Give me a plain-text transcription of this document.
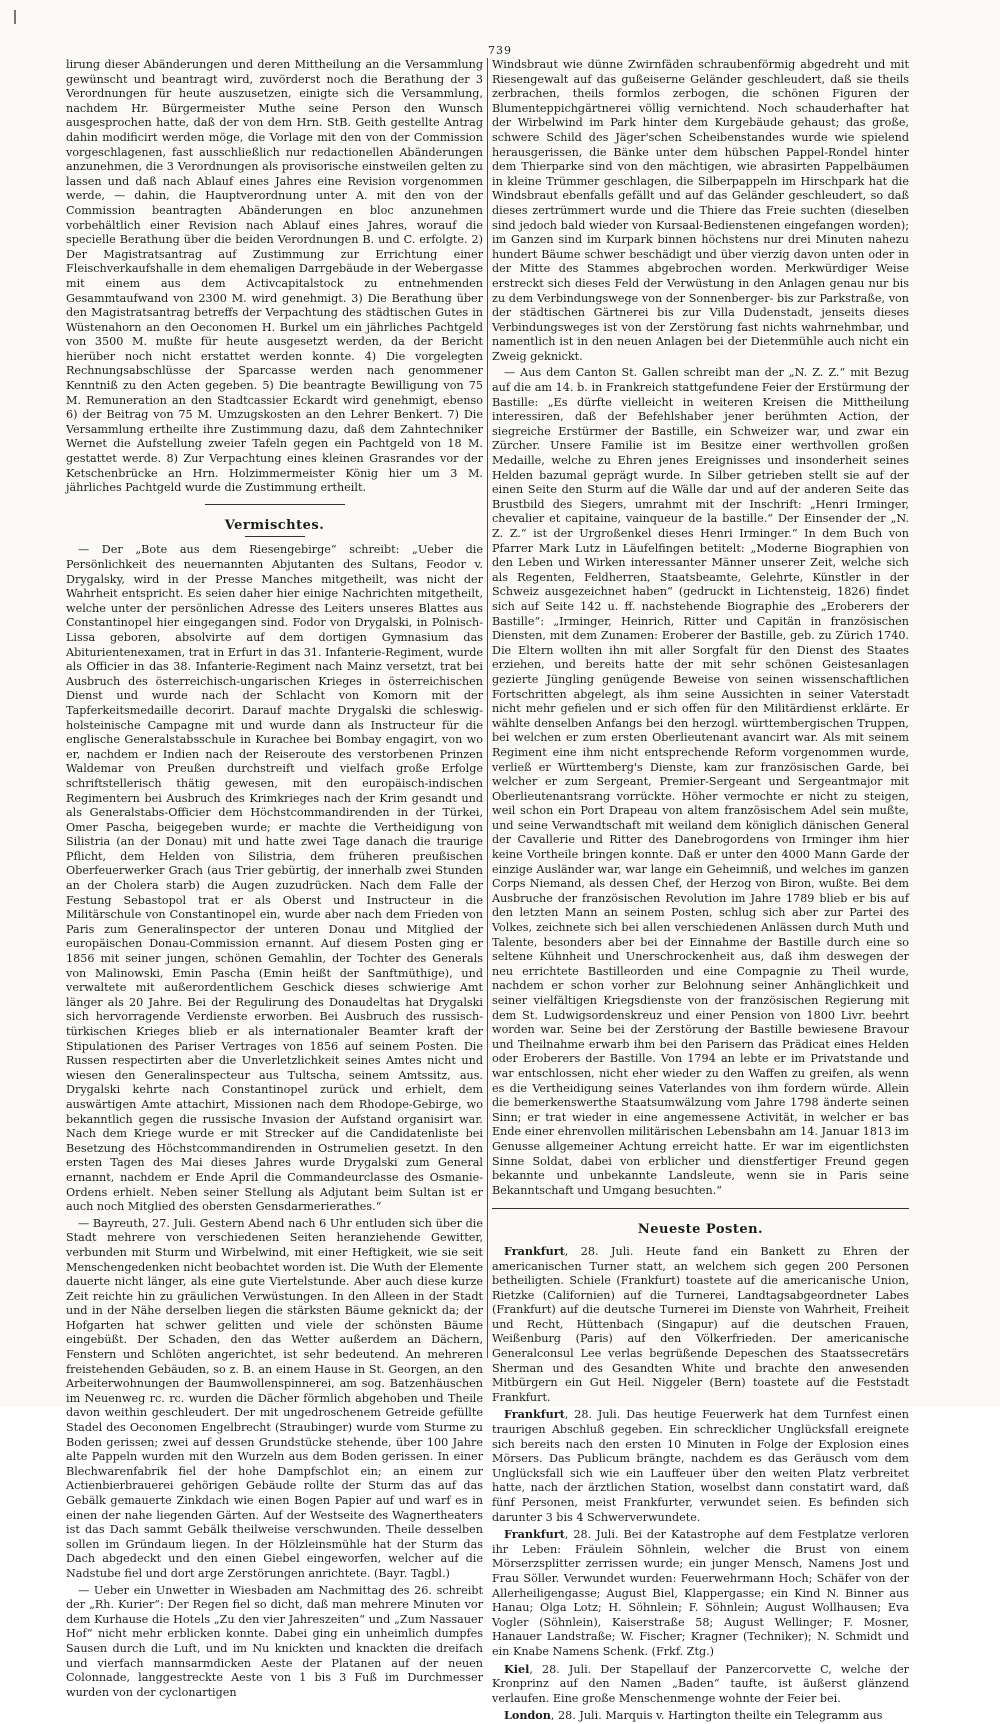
739

lirung dieser Abänderungen und deren Mittheilung an die Versammlung gewünscht und beantragt wird, zuvörderst noch die Berathung der 3 Verordnungen für heute auszusetzen, einigte sich die Versammlung, nachdem Hr. Bürgermeister Muthe seine Person den Wunsch ausgesprochen hatte, daß der von dem Hrn. StB. Geith gestellte Antrag dahin modificirt werden möge, die Vorlage mit den von der Commission vorgeschlagenen, fast ausschließlich nur redactionellen Abänderungen anzunehmen, die 3 Verordnungen als provisorische einstweilen gelten zu lassen und daß nach Ablauf eines Jahres eine Revision vorgenommen werde, — dahin, die Hauptverordnung unter A. mit den von der Commission beantragten Abänderungen en bloc anzunehmen vorbehältlich einer Revision nach Ablauf eines Jahres, worauf die specielle Berathung über die beiden Verordnungen B. und C. erfolgte. 2) Der Magistratsantrag auf Zustimmung zur Errichtung einer Fleischverkaufshalle in dem ehemaligen Darrgebäude in der Webergasse mit einem aus dem Activcapitalstock zu entnehmenden Gesammtaufwand von 2300 M. wird genehmigt. 3) Die Berathung über den Magistratsantrag betreffs der Verpachtung des städtischen Gutes in Wüstenahorn an den Oeconomen H. Burkel um ein jährliches Pachtgeld von 3500 M. mußte für heute ausgesetzt werden, da der Bericht hierüber noch nicht erstattet werden konnte. 4) Die vorgelegten Rechnungsabschlüsse der Sparcasse werden nach genommener Kenntniß zu den Acten gegeben. 5) Die beantragte Bewilligung von 75 M. Remuneration an den Stadtcassier Eckardt wird genehmigt, ebenso 6) der Beitrag von 75 M. Umzugskosten an den Lehrer Benkert. 7) Die Versammlung ertheilte ihre Zustimmung dazu, daß dem Zahntechniker Wernet die Aufstellung zweier Tafeln gegen ein Pachtgeld von 18 M. gestattet werde. 8) Zur Verpachtung eines kleinen Grasrandes vor der Ketschenbrücke an Hrn. Holzimmermeister König hier um 3 M. jährliches Pachtgeld wurde die Zustimmung ertheilt.

Vermischtes.

— Der „Bote aus dem Riesengebirge“ schreibt: „Ueber die Persönlichkeit des neuernannten Abjutanten des Sultans, Feodor v. Drygalsky, wird in der Presse Manches mitgetheilt, was nicht der Wahrheit entspricht. Es seien daher hier einige Nachrichten mitgetheilt, welche unter der persönlichen Adresse des Leiters unseres Blattes aus Constantinopel hier eingegangen sind. Fodor von Drygalski, in Polnisch-Lissa geboren, absolvirte auf dem dortigen Gymnasium das Abiturientenexamen, trat in Erfurt in das 31. Infanterie-Regiment, wurde als Officier in das 38. Infanterie-Regiment nach Mainz versetzt, trat bei Ausbruch des österreichisch-ungarischen Krieges in österreichischen Dienst und wurde nach der Schlacht von Komorn mit der Tapferkeitsmedaille decorirt. Darauf machte Drygalski die schleswig-holsteinische Campagne mit und wurde dann als Instructeur für die englische Generalstabsschule in Kurachee bei Bombay engagirt, von wo er, nachdem er Indien nach der Reiseroute des verstorbenen Prinzen Waldemar von Preußen durchstreift und vielfach große Erfolge schriftstellerisch thätig gewesen, mit den europäisch-indischen Regimentern bei Ausbruch des Krimkrieges nach der Krim gesandt und als Generalstabs-Officier dem Höchstcommandirenden in der Türkei, Omer Pascha, beigegeben wurde; er machte die Vertheidigung von Silistria (an der Donau) mit und hatte zwei Tage danach die traurige Pflicht, dem Helden von Silistria, dem früheren preußischen Oberfeuerwerker Grach (aus Trier gebürtig, der innerhalb zwei Stunden an der Cholera starb) die Augen zuzudrücken. Nach dem Falle der Festung Sebastopol trat er als Oberst und Instructeur in die Militärschule von Constantinopel ein, wurde aber nach dem Frieden von Paris zum Generalinspector der unteren Donau und Mitglied der europäischen Donau-Commission ernannt. Auf diesem Posten ging er 1856 mit seiner jungen, schönen Gemahlin, der Tochter des Generals von Malinowski, Emin Pascha (Emin heißt der Sanftmüthige), und verwaltete mit außerordentlichem Geschick dieses schwierige Amt länger als 20 Jahre. Bei der Regulirung des Donaudeltas hat Drygalski sich hervorragende Verdienste erworben. Bei Ausbruch des russisch-türkischen Krieges blieb er als internationaler Beamter kraft der Stipulationen des Pariser Vertrages von 1856 auf seinem Posten. Die Russen respectirten aber die Unverletzlichkeit seines Amtes nicht und wiesen den Generalinspecteur aus Tultscha, seinem Amtssitz, aus. Drygalski kehrte nach Constantinopel zurück und erhielt, dem auswärtigen Amte attachirt, Missionen nach dem Rhodope-Gebirge, wo bekanntlich gegen die russische Invasion der Aufstand organisirt war. Nach dem Kriege wurde er mit Strecker auf die Candidatenliste bei Besetzung des Höchstcommandirenden in Ostrumelien gesetzt. In den ersten Tagen des Mai dieses Jahres wurde Drygalski zum General ernannt, nachdem er Ende April die Commandeurclasse des Osmanie-Ordens erhielt. Neben seiner Stellung als Adjutant beim Sultan ist er auch noch Mitglied des obersten Gensdarmerierathes.“

— Bayreuth, 27. Juli. Gestern Abend nach 6 Uhr entluden sich über die Stadt mehrere von verschiedenen Seiten heranziehende Gewitter, verbunden mit Sturm und Wirbelwind, mit einer Heftigkeit, wie sie seit Menschengedenken nicht beobachtet worden ist. Die Wuth der Elemente dauerte nicht länger, als eine gute Viertelstunde. Aber auch diese kurze Zeit reichte hin zu gräulichen Verwüstungen. In den Alleen in der Stadt und in der Nähe derselben liegen die stärksten Bäume geknickt da; der Hofgarten hat schwer gelitten und viele der schönsten Bäume eingebüßt. Der Schaden, den das Wetter außerdem an Dächern, Fenstern und Schlöten angerichtet, ist sehr bedeutend. An mehreren freistehenden Gebäuden, so z. B. an einem Hause in St. Georgen, an den Arbeiterwohnungen der Baumwollenspinnerei, am sog. Batzenhäuschen im Neuenweg rc. rc. wurden die Dächer förmlich abgehoben und Theile davon weithin geschleudert. Der mit ungedroschenem Getreide gefüllte Stadel des Oeconomen Engelbrecht (Straubinger) wurde vom Sturme zu Boden gerissen; zwei auf dessen Grundstücke stehende, über 100 Jahre alte Pappeln wurden mit den Wurzeln aus dem Boden gerissen. In einer Blechwarenfabrik fiel der hohe Dampfschlot ein; an einem zur Actienbierbrauerei gehörigen Gebäude rollte der Sturm das auf das Gebälk gemauerte Zinkdach wie einen Bogen Papier auf und warf es in einen der nahe liegenden Gärten. Auf der Westseite des Wagnertheaters ist das Dach sammt Gebälk theilweise verschwunden. Theile desselben sollen im Gründaum liegen. In der Hölzleinsmühle hat der Sturm das Dach abgedeckt und den einen Giebel eingeworfen, welcher auf die Nadstube fiel und dort arge Zerstörungen anrichtete. (Bayr. Tagbl.)

— Ueber ein Unwetter in Wiesbaden am Nachmittag des 26. schreibt der „Rh. Kurier“: Der Regen fiel so dicht, daß man mehrere Minuten vor dem Kurhause die Hotels „Zu den vier Jahreszeiten“ und „Zum Nassauer Hof“ nicht mehr erblicken konnte. Dabei ging ein unheimlich dumpfes Sausen durch die Luft, und im Nu knickten und knackten die dreifach und vierfach mannsarmdicken Aeste der Platanen auf der neuen Colonnade, langgestreckte Aeste von 1 bis 3 Fuß im Durchmesser wurden von der cyclonartigen

Windsbraut wie dünne Zwirnfäden schraubenförmig abgedreht und mit Riesengewalt auf das gußeiserne Geländer geschleudert, daß sie theils zerbrachen, theils formlos zerbogen, die schönen Figuren der Blumenteppichgärtnerei völlig vernichtend. Noch schauderhafter hat der Wirbelwind im Park hinter dem Kurgebäude gehaust; das große, schwere Schild des Jäger'schen Scheibenstandes wurde wie spielend herausgerissen, die Bänke unter dem hübschen Pappel-Rondel hinter dem Thierparke sind von den mächtigen, wie abrasirten Pappelbäumen in kleine Trümmer geschlagen, die Silberpappeln im Hirschpark hat die Windsbraut ebenfalls gefällt und auf das Geländer geschleudert, so daß dieses zertrümmert wurde und die Thiere das Freie suchten (dieselben sind jedoch bald wieder von Kursaal-Bedienstenen eingefangen worden); im Ganzen sind im Kurpark binnen höchstens nur drei Minuten nahezu hundert Bäume schwer beschädigt und über vierzig davon unten oder in der Mitte des Stammes abgebrochen worden. Merkwürdiger Weise erstreckt sich dieses Feld der Verwüstung in den Anlagen genau nur bis zu dem Verbindungswege von der Sonnenberger- bis zur Parkstraße, von der städtischen Gärtnerei bis zur Villa Dudenstadt, jenseits dieses Verbindungsweges ist von der Zerstörung fast nichts wahrnehmbar, und namentlich ist in den neuen Anlagen bei der Dietenmühle auch nicht ein Zweig geknickt.

— Aus dem Canton St. Gallen schreibt man der „N. Z. Z.“ mit Bezug auf die am 14. b. in Frankreich stattgefundene Feier der Erstürmung der Bastille: „Es dürfte vielleicht in weiteren Kreisen die Mittheilung interessiren, daß der Befehlshaber jener berühmten Action, der siegreiche Erstürmer der Bastille, ein Schweizer war, und zwar ein Zürcher. Unsere Familie ist im Besitze einer werthvollen großen Medaille, welche zu Ehren jenes Ereignisses und insonderheit seines Helden bazumal geprägt wurde. In Silber getrieben stellt sie auf der einen Seite den Sturm auf die Wälle dar und auf der anderen Seite das Brustbild des Siegers, umrahmt mit der Inschrift: „Henri Irminger, chevalier et capitaine, vainqueur de la bastille.“ Der Einsender der „N. Z. Z.“ ist der Urgroßenkel dieses Henri Irminger.“ In dem Buch von Pfarrer Mark Lutz in Läufelfingen betitelt: „Moderne Biographien von den Leben und Wirken interessanter Männer unserer Zeit, welche sich als Regenten, Feldherren, Staatsbeamte, Gelehrte, Künstler in der Schweiz ausgezeichnet haben“ (gedruckt in Lichtensteig, 1826) findet sich auf Seite 142 u. ff. nachstehende Biographie des „Eroberers der Bastille“: „Irminger, Heinrich, Ritter und Capitän in französischen Diensten, mit dem Zunamen: Eroberer der Bastille, geb. zu Zürich 1740. Die Eltern wollten ihn mit aller Sorgfalt für den Dienst des Staates erziehen, und bereits hatte der mit sehr schönen Geistesanlagen gezierte Jüngling genügende Beweise von seinen wissenschaftlichen Fortschritten abgelegt, als ihm seine Aussichten in seiner Vaterstadt nicht mehr gefielen und er sich offen für den Militärdienst erklärte. Er wählte denselben Anfangs bei den herzogl. württembergischen Truppen, bei welchen er zum ersten Oberlieutenant avancirt war. Als mit seinem Regiment eine ihm nicht entsprechende Reform vorgenommen wurde, verließ er Württemberg's Dienste, kam zur französischen Garde, bei welcher er zum Sergeant, Premier-Sergeant und Sergeantmajor mit Oberlieutenantsrang vorrückte. Höher vermochte er nicht zu steigen, weil schon ein Port Drapeau von altem französischem Adel sein mußte, und seine Verwandtschaft mit weiland dem königlich dänischen General der Cavallerie und Ritter des Danebrogordens von Irminger ihm hier keine Vortheile bringen konnte. Daß er unter den 4000 Mann Garde der einzige Ausländer war, war lange ein Geheimniß, und welches im ganzen Corps Niemand, als dessen Chef, der Herzog von Biron, wußte. Bei dem Ausbruche der französischen Revolution im Jahre 1789 blieb er bis auf den letzten Mann an seinem Posten, schlug sich aber zur Partei des Volkes, zeichnete sich bei allen verschiedenen Anlässen durch Muth und Talente, besonders aber bei der Einnahme der Bastille durch eine so seltene Kühnheit und Unerschrockenheit aus, daß ihm deswegen der neu errichtete Bastilleorden und eine Compagnie zu Theil wurde, nachdem er schon vorher zur Belohnung seiner Anhänglichkeit und seiner vielfältigen Kriegsdienste von der französischen Regierung mit dem St. Ludwigsordenskreuz und einer Pension von 1800 Livr. beehrt worden war. Seine bei der Zerstörung der Bastille bewiesene Bravour und Theilnahme erwarb ihm bei den Parisern das Prädicat eines Helden oder Eroberers der Bastille. Von 1794 an lebte er im Privatstande und war entschlossen, nicht eher wieder zu den Waffen zu greifen, als wenn es die Vertheidigung seines Vaterlandes von ihm fordern würde. Allein die bemerkenswerthe Staatsumwälzung vom Jahre 1798 änderte seinen Sinn; er trat wieder in eine angemessene Activität, in welcher er bas Ende einer ehrenvollen militärischen Lebensbahn am 14. Januar 1813 im Genusse allgemeiner Achtung erreicht hatte. Er war im eigentlichsten Sinne Soldat, dabei von erblicher und dienstfertiger Freund gegen bekannte und unbekannte Landsleute, wenn sie in Paris seine Bekanntschaft und Umgang besuchten.“

Neueste Posten.

Frankfurt, 28. Juli. Heute fand ein Bankett zu Ehren der americanischen Turner statt, an welchem sich gegen 200 Personen betheiligten. Schiele (Frankfurt) toastete auf die americanische Union, Rietzke (Californien) auf die Turnerei, Landtagsabgeordneter Labes (Frankfurt) auf die deutsche Turnerei im Dienste von Wahrheit, Freiheit und Recht, Hüttenbach (Singapur) auf die deutschen Frauen, Weißenburg (Paris) auf den Völkerfrieden. Der americanische Generalconsul Lee verlas begrüßende Depeschen des Staatssecretärs Sherman und des Gesandten White und brachte den anwesenden Mitbürgern ein Gut Heil. Niggeler (Bern) toastete auf die Feststadt Frankfurt.

Frankfurt, 28. Juli. Das heutige Feuerwerk hat dem Turnfest einen traurigen Abschluß gegeben. Ein schrecklicher Unglücksfall ereignete sich bereits nach den ersten 10 Minuten in Folge der Explosion eines Mörsers. Das Publicum brängte, nachdem es das Geräusch vom dem Unglücksfall sich wie ein Lauffeuer über den weiten Platz verbreitet hatte, nach der ärztlichen Station, woselbst dann constatirt ward, daß fünf Personen, meist Frankfurter, verwundet seien. Es befinden sich darunter 3 bis 4 Schwerverwundete.

Frankfurt, 28. Juli. Bei der Katastrophe auf dem Festplatze verloren ihr Leben: Fräulein Söhnlein, welcher die Brust von einem Mörserzsplitter zerrissen wurde; ein junger Mensch, Namens Jost und Frau Söller. Verwundet wurden: Feuerwehrmann Hoch; Schäfer von der Allerheiligengasse; August Biel, Klappergasse; ein Kind N. Binner aus Hanau; Olga Lotz; H. Söhnlein; F. Söhnlein; August Wollhausen; Eva Vogler (Söhnlein), Kaiserstraße 58; August Wellinger; F. Mosner, Hanauer Landstraße; W. Fischer; Kragner (Techniker); N. Schmidt und ein Knabe Namens Schenk. (Frkf. Ztg.)

Kiel, 28. Juli. Der Stapellauf der Panzercorvette C, welche der Kronprinz auf den Namen „Baden“ taufte, ist äußerst glänzend verlaufen. Eine große Menschenmenge wohnte der Feier bei.

London, 28. Juli. Marquis v. Hartington theilte ein Telegramm aus
